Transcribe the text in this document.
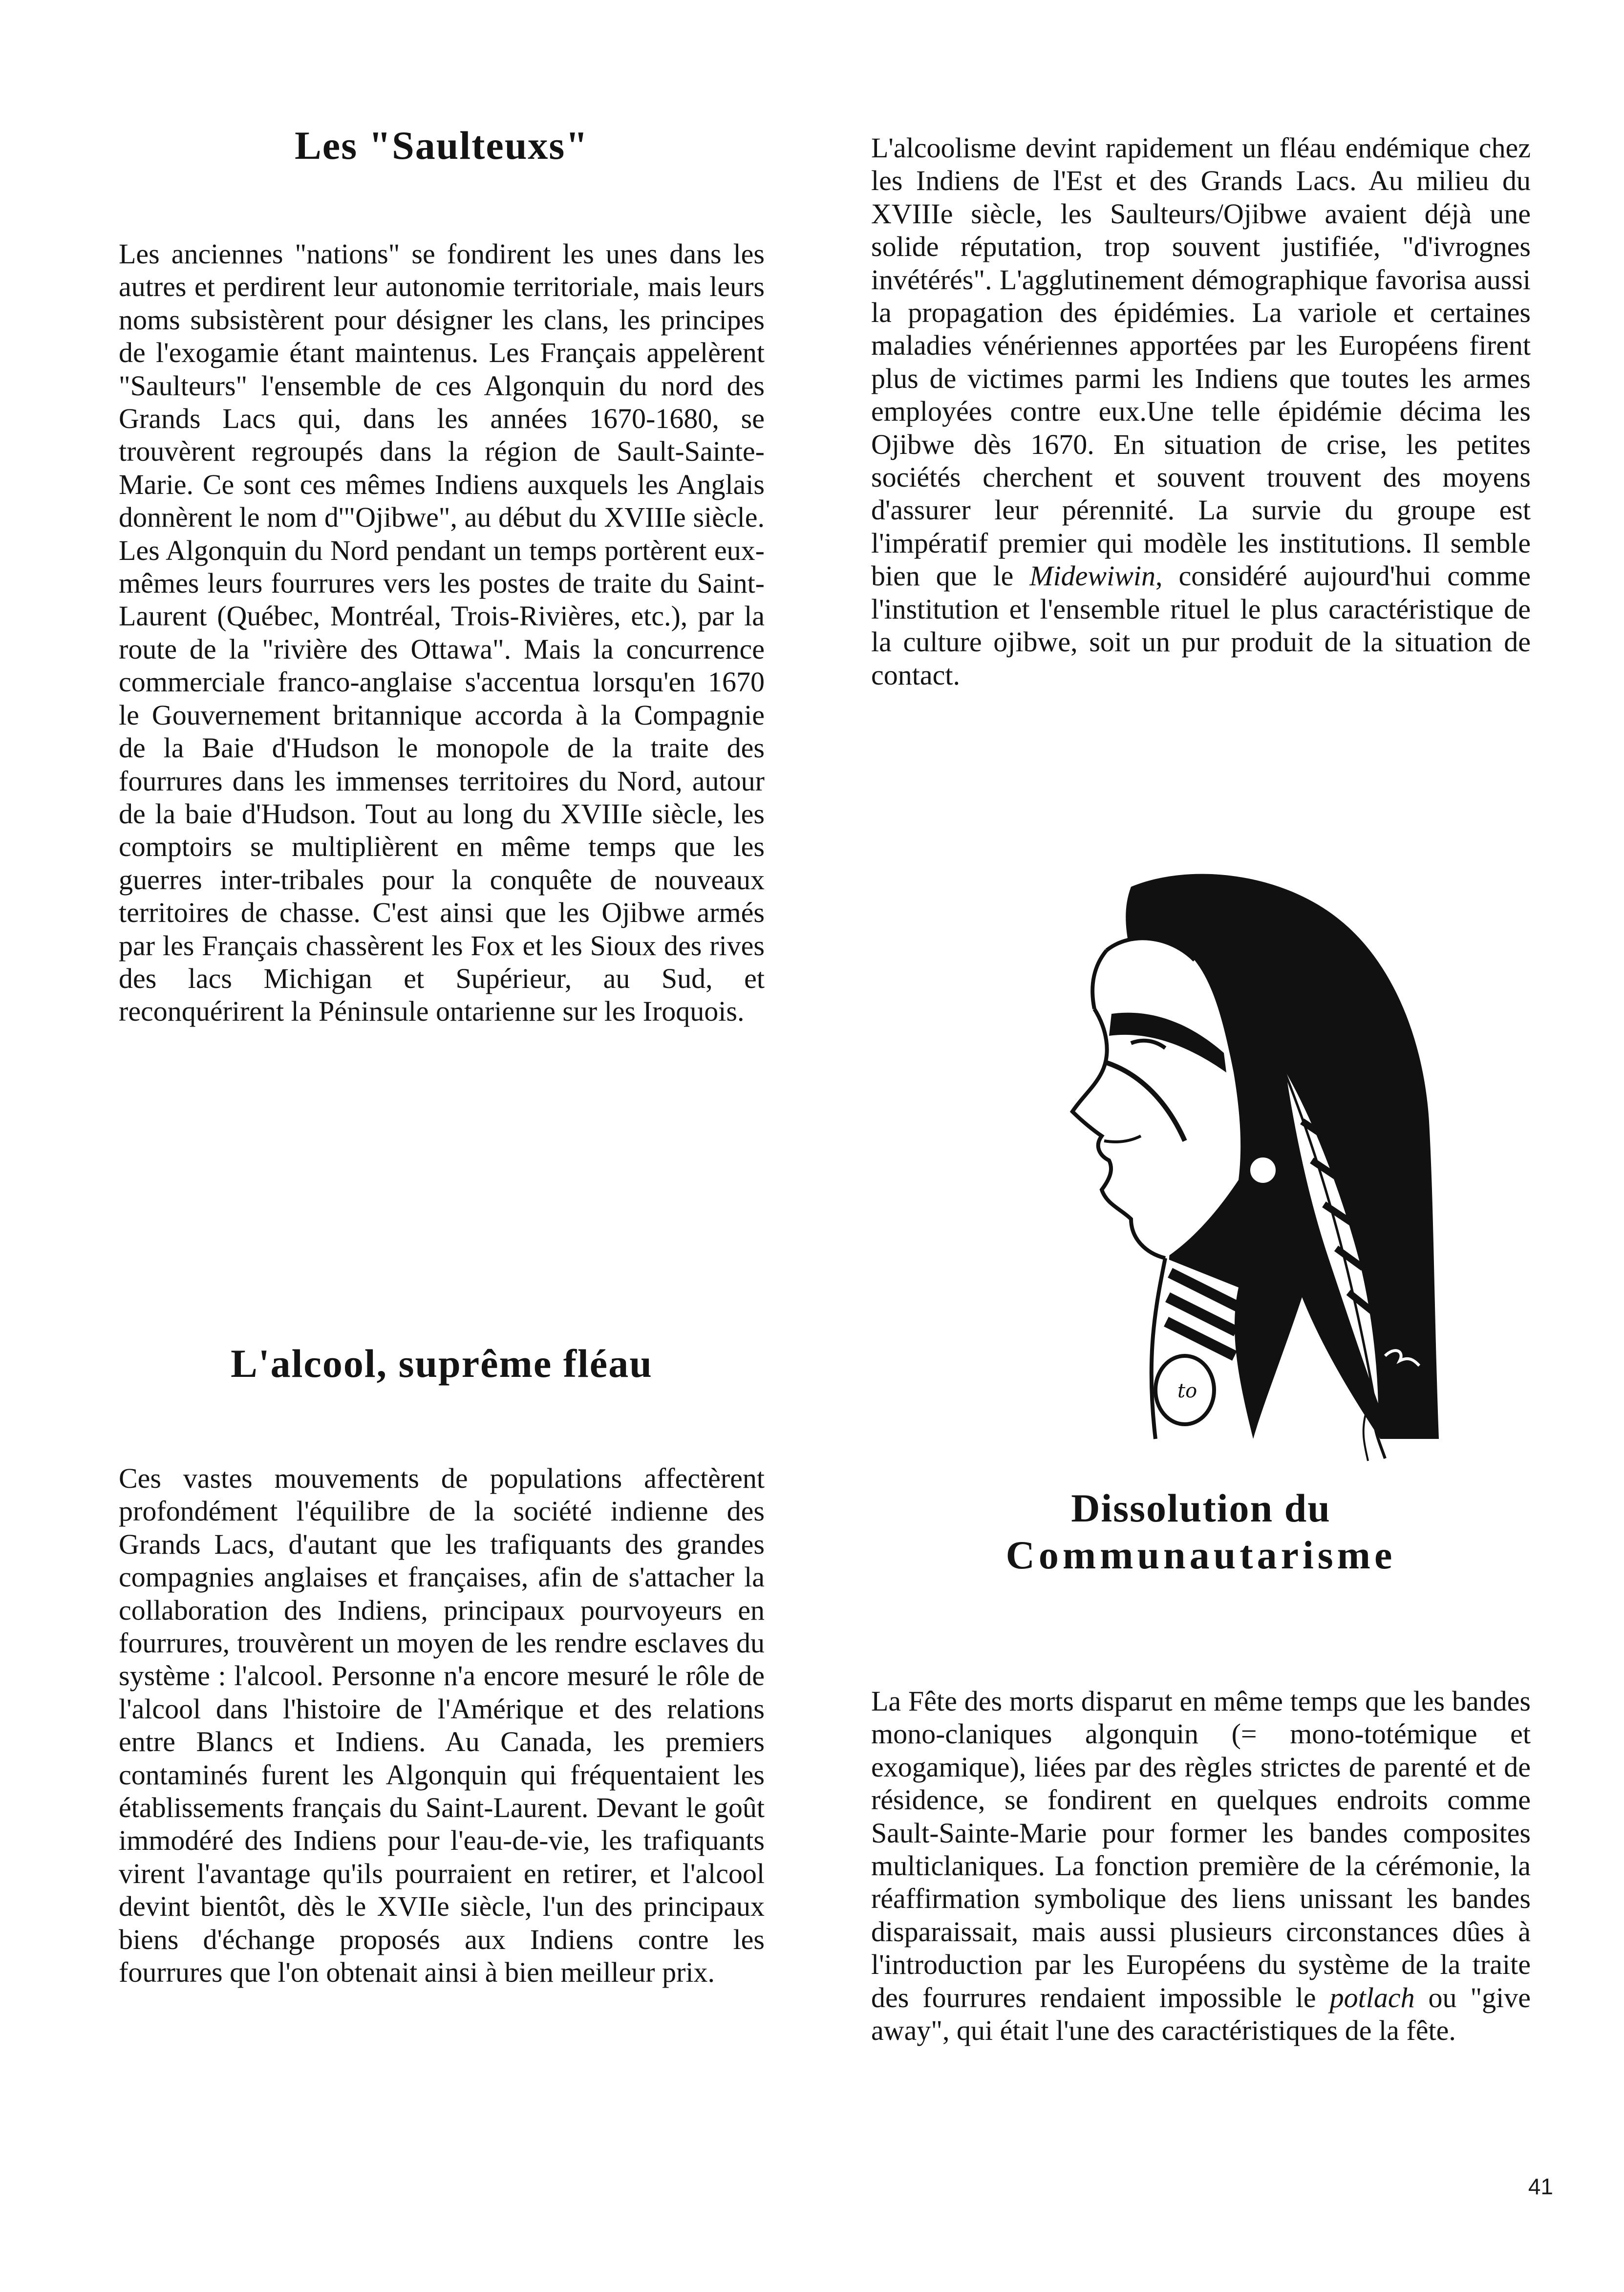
Les "Saulteuxs"

Les anciennes "nations" se fondirent les unes dans les autres et perdirent leur autonomie territoriale, mais leurs noms subsistèrent pour désigner les clans, les principes de l'exogamie étant maintenus. Les Français appelèrent "Saulteurs" l'ensemble de ces Algonquin du nord des Grands Lacs qui, dans les années 1670-1680, se trouvèrent regroupés dans la région de Sault-Sainte-Marie. Ce sont ces mêmes Indiens auxquels les Anglais donnèrent le nom d'"Ojibwe", au début du XVIIIe siècle. Les Algonquin du Nord pendant un temps portèrent eux-mêmes leurs fourrures vers les postes de traite du Saint-Laurent (Québec, Montréal, Trois-Rivières, etc.), par la route de la "rivière des Ottawa". Mais la concurrence commerciale franco-anglaise s'accentua lorsqu'en 1670 le Gouvernement britannique accorda à la Compagnie de la Baie d'Hudson le monopole de la traite des fourrures dans les immenses territoires du Nord, autour de la baie d'Hudson. Tout au long du XVIIIe siècle, les comptoirs se multiplièrent en même temps que les guerres inter-tribales pour la conquête de nouveaux territoires de chasse. C'est ainsi que les Ojibwe armés par les Français chassèrent les Fox et les Sioux des rives des lacs Michigan et Supérieur, au Sud, et reconquérirent la Péninsule ontarienne sur les Iroquois.

L'alcool, suprême fléau

Ces vastes mouvements de populations affectèrent profondément l'équilibre de la société indienne des Grands Lacs, d'autant que les trafiquants des grandes compagnies anglaises et françaises, afin de s'attacher la collaboration des Indiens, principaux pourvoyeurs en fourrures, trouvèrent un moyen de les rendre esclaves du système : l'alcool. Personne n'a encore mesuré le rôle de l'alcool dans l'histoire de l'Amérique et des relations entre Blancs et Indiens. Au Canada, les premiers contaminés furent les Algonquin qui fréquentaient les établissements français du Saint-Laurent. Devant le goût immodéré des Indiens pour l'eau-de-vie, les trafiquants virent l'avantage qu'ils pourraient en retirer, et l'alcool devint bientôt, dès le XVIIe siècle, l'un des principaux biens d'échange proposés aux Indiens contre les fourrures que l'on obtenait ainsi à bien meilleur prix.

L'alcoolisme devint rapidement un fléau endémique chez les Indiens de l'Est et des Grands Lacs. Au milieu du XVIIIe siècle, les Saulteurs/Ojibwe avaient déjà une solide réputation, trop souvent justifiée, "d'ivrognes invétérés". L'agglutinement démographique favorisa aussi la propagation des épidémies. La variole et certaines maladies vénériennes apportées par les Européens firent plus de victimes parmi les Indiens que toutes les armes employées contre eux.Une telle épidémie décima les Ojibwe dès 1670. En situation de crise, les petites sociétés cherchent et souvent trouvent des moyens d'assurer leur pérennité. La survie du groupe est l'impératif premier qui modèle les institutions. Il semble bien que le Midewiwin, considéré aujourd'hui comme l'institution et l'ensemble rituel le plus caractéristique de la culture ojibwe, soit un pur produit de la situation de contact.

to
Dissolution du
Communautarisme

La Fête des morts disparut en même temps que les bandes mono-claniques algonquin (= mono-totémique et exogamique), liées par des règles strictes de parenté et de résidence, se fondirent en quelques endroits comme Sault-Sainte-Marie pour former les bandes composites multiclaniques. La fonction première de la cérémonie, la réaffirmation symbolique des liens unissant les bandes disparaissait, mais aussi plusieurs circonstances dûes à l'introduction par les Européens du système de la traite des fourrures rendaient impossible le potlach ou "give away", qui était l'une des caractéristiques de la fête.

41
